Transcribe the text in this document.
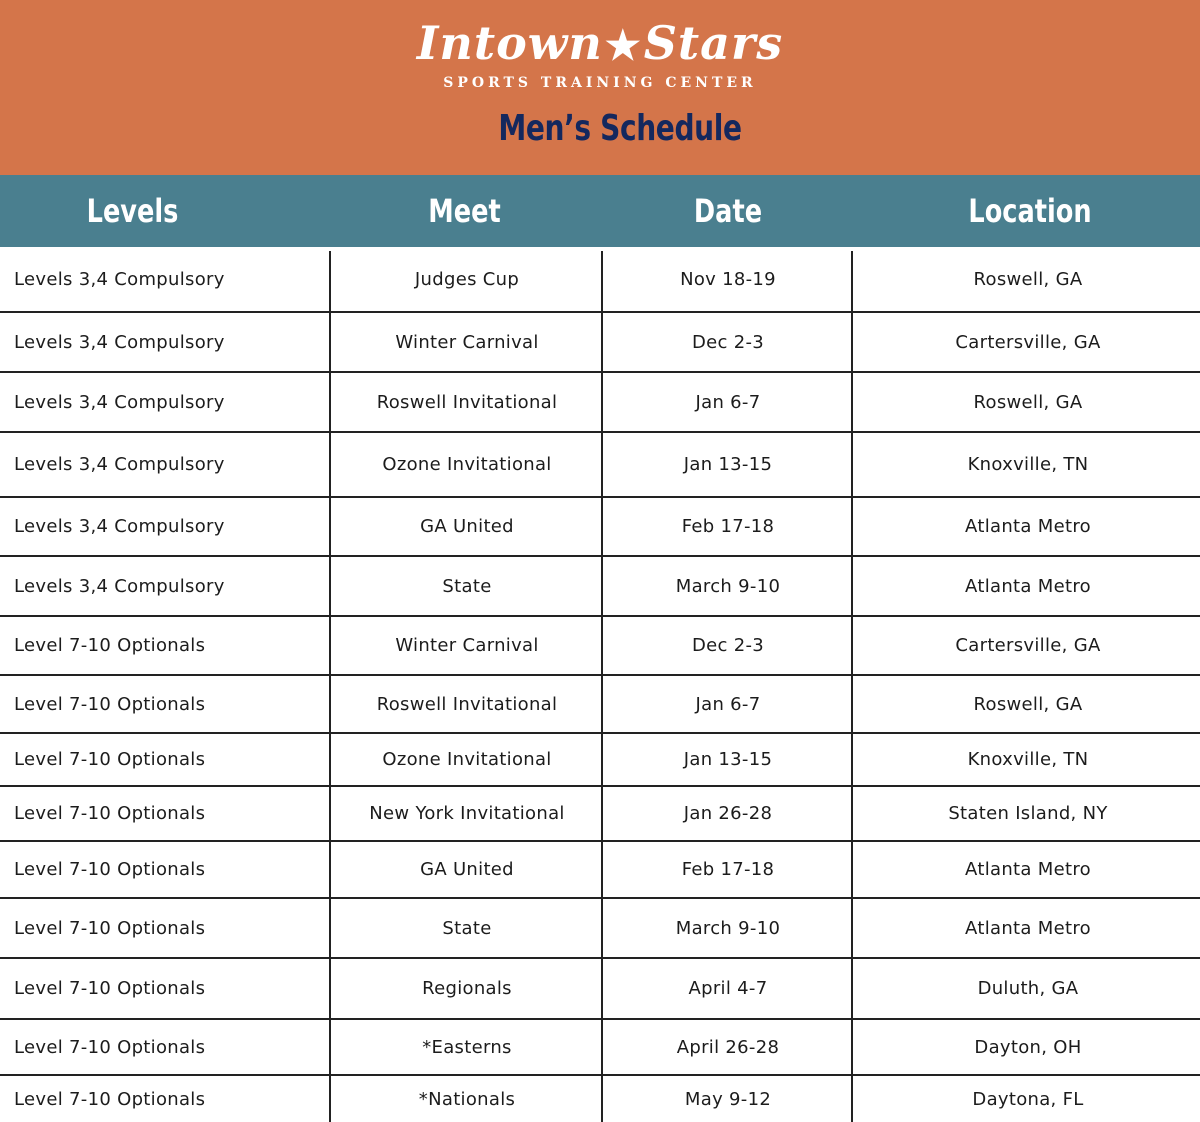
Intown★Stars
SPORTS TRAINING CENTER
Men’s Schedule
Levels	Meet	Date	Location
Levels 3,4 Compulsory	Judges Cup	Nov 18-19	Roswell, GA
Levels 3,4 Compulsory	Winter Carnival	Dec 2-3	Cartersville, GA
Levels 3,4 Compulsory	Roswell Invitational	Jan 6-7	Roswell, GA
Levels 3,4 Compulsory	Ozone Invitational	Jan 13-15	Knoxville, TN
Levels 3,4 Compulsory	GA United	Feb 17-18	Atlanta Metro
Levels 3,4 Compulsory	State	March 9-10	Atlanta Metro
Level 7-10 Optionals	Winter Carnival	Dec 2-3	Cartersville, GA
Level 7-10 Optionals	Roswell Invitational	Jan 6-7	Roswell, GA
Level 7-10 Optionals	Ozone Invitational	Jan 13-15	Knoxville, TN
Level 7-10 Optionals	New York Invitational	Jan 26-28	Staten Island, NY
Level 7-10 Optionals	GA United	Feb 17-18	Atlanta Metro
Level 7-10 Optionals	State	March 9-10	Atlanta Metro
Level 7-10 Optionals	Regionals	April 4-7	Duluth, GA
Level 7-10 Optionals	*Easterns	April 26-28	Dayton, OH
Level 7-10 Optionals	*Nationals	May 9-12	Daytona, FL
